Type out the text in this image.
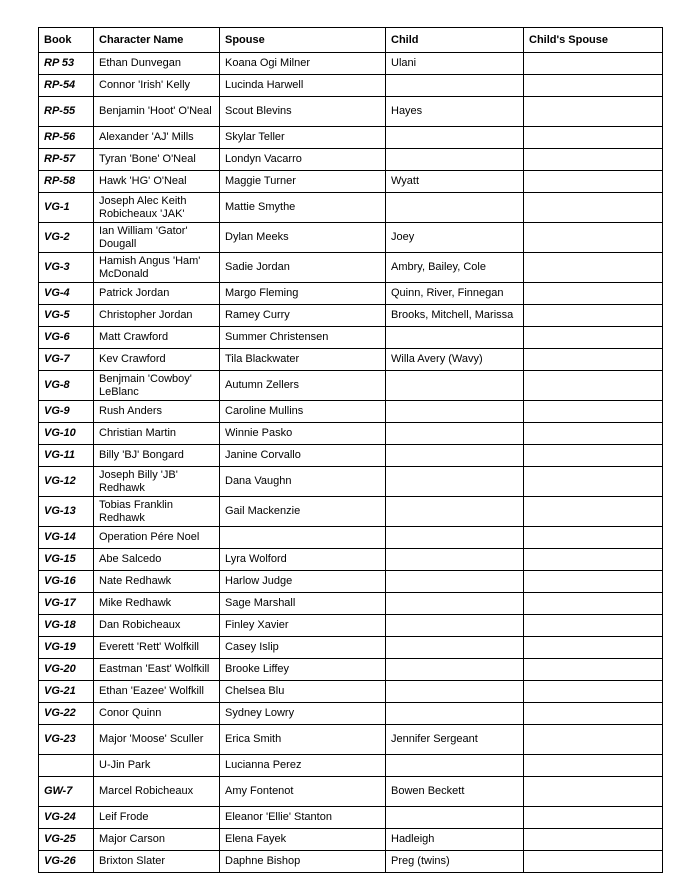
Book	Character Name	Spouse	Child	Child's Spouse
RP 53	Ethan Dunvegan	Koana Ogi Milner	Ulani	
RP-54	Connor 'Irish' Kelly	Lucinda Harwell		
RP-55	Benjamin 'Hoot' O'Neal	Scout Blevins	Hayes	
RP-56	Alexander 'AJ' Mills	Skylar Teller		
RP-57	Tyran 'Bone' O'Neal	Londyn Vacarro		
RP-58	Hawk 'HG' O'Neal	Maggie Turner	Wyatt	
VG-1	Joseph Alec Keith Robicheaux 'JAK'	Mattie Smythe		
VG-2	Ian William 'Gator' Dougall	Dylan Meeks	Joey	
VG-3	Hamish Angus 'Ham' McDonald	Sadie Jordan	Ambry, Bailey, Cole	
VG-4	Patrick Jordan	Margo Fleming	Quinn, River, Finnegan	
VG-5	Christopher Jordan	Ramey Curry	Brooks, Mitchell, Marissa	
VG-6	Matt Crawford	Summer Christensen		
VG-7	Kev Crawford	Tila Blackwater	Willa Avery (Wavy)	
VG-8	Benjmain 'Cowboy' LeBlanc	Autumn Zellers		
VG-9	Rush Anders	Caroline Mullins		
VG-10	Christian Martin	Winnie Pasko		
VG-11	Billy 'BJ' Bongard	Janine Corvallo		
VG-12	Joseph Billy 'JB' Redhawk	Dana Vaughn		
VG-13	Tobias Franklin Redhawk	Gail Mackenzie		
VG-14	Operation Pére Noel			
VG-15	Abe Salcedo	Lyra Wolford		
VG-16	Nate Redhawk	Harlow Judge		
VG-17	Mike Redhawk	Sage Marshall		
VG-18	Dan Robicheaux	Finley Xavier		
VG-19	Everett 'Rett' Wolfkill	Casey Islip		
VG-20	Eastman 'East' Wolfkill	Brooke Liffey		
VG-21	Ethan 'Eazee' Wolfkill	Chelsea Blu		
VG-22	Conor Quinn	Sydney Lowry		
VG-23	Major 'Moose' Sculler	Erica Smith	Jennifer Sergeant	
	U-Jin Park	Lucianna Perez		
GW-7	Marcel Robicheaux	Amy Fontenot	Bowen Beckett	
VG-24	Leif Frode	Eleanor 'Ellie' Stanton		
VG-25	Major Carson	Elena Fayek	Hadleigh	
VG-26	Brixton Slater	Daphne Bishop	Preg (twins)	
